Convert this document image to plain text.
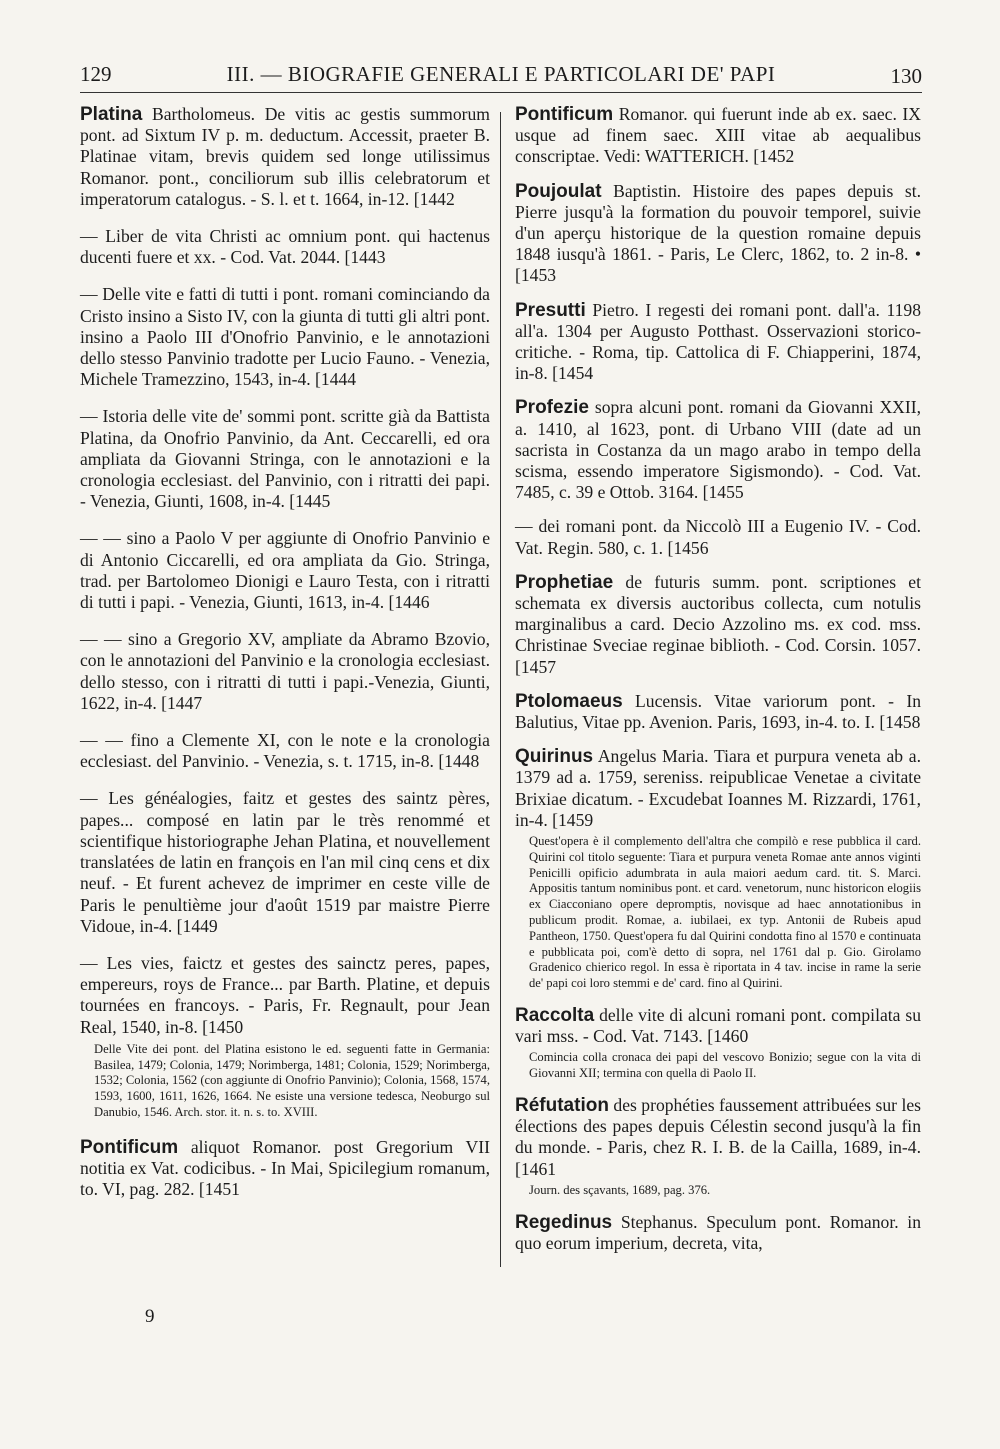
129	III. — BIOGRAFIE GENERALI E PARTICOLARI DE' PAPI	130

Platina Bartholomeus. De vitis ac gestis summorum pont. ad Sixtum IV p. m. deductum. Accessit, praeter B. Platinae vitam, brevis quidem sed longe utilissimus Romanor. pont., conciliorum sub illis celebratorum et imperatorum catalogus. - S. l. et t. 1664, in-12. [1442

— Liber de vita Christi ac omnium pont. qui hactenus ducenti fuere et xx. - Cod. Vat. 2044. [1443

— Delle vite e fatti di tutti i pont. romani cominciando da Cristo insino a Sisto IV, con la giunta di tutti gli altri pont. insino a Paolo III d'Onofrio Panvinio, e le annotazioni dello stesso Panvinio tradotte per Lucio Fauno. - Venezia, Michele Tramezzino, 1543, in-4. [1444

— Istoria delle vite de' sommi pont. scritte già da Battista Platina, da Onofrio Panvinio, da Ant. Ceccarelli, ed ora ampliata da Giovanni Stringa, con le annotazioni e la cronologia ecclesiast. del Panvinio, con i ritratti dei papi. - Venezia, Giunti, 1608, in-4. [1445

— — sino a Paolo V per aggiunte di Onofrio Panvinio e di Antonio Ciccarelli, ed ora ampliata da Gio. Stringa, trad. per Bartolomeo Dionigi e Lauro Testa, con i ritratti di tutti i papi. - Venezia, Giunti, 1613, in-4. [1446

— — sino a Gregorio XV, ampliate da Abramo Bzovio, con le annotazioni del Panvinio e la cronologia ecclesiast. dello stesso, con i ritratti di tutti i papi.-Venezia, Giunti, 1622, in-4. [1447

— — fino a Clemente XI, con le note e la cronologia ecclesiast. del Panvinio. - Venezia, s. t. 1715, in-8. [1448

— Les généalogies, faitz et gestes des saintz pères, papes... composé en latin par le très renommé et scientifique historiographe Jehan Platina, et nouvellement translatées de latin en françois en l'an mil cinq cens et dix neuf. - Et furent achevez de imprimer en ceste ville de Paris le penultième jour d'août 1519 par maistre Pierre Vidoue, in-4. [1449

— Les vies, faictz et gestes des sainctz peres, papes, empereurs, roys de France... par Barth. Platine, et depuis tournées en francoys. - Paris, Fr. Regnault, pour Jean Real, 1540, in-8. [1450

Delle Vite dei pont. del Platina esistono le ed. seguenti fatte in Germania: Basilea, 1479; Colonia, 1479; Norimberga, 1481; Colonia, 1529; Norimberga, 1532; Colonia, 1562 (con aggiunte di Onofrio Panvinio); Colonia, 1568, 1574, 1593, 1600, 1611, 1626, 1664. Ne esiste una versione tedesca, Neoburgo sul Danubio, 1546. Arch. stor. it. n. s. to. XVIII.

Pontificum aliquot Romanor. post Gregorium VII notitia ex Vat. codicibus. - In Mai, Spicilegium romanum, to. VI, pag. 282. [1451

Pontificum Romanor. qui fuerunt inde ab ex. saec. IX usque ad finem saec. XIII vitae ab aequalibus conscriptae. Vedi: WATTERICH. [1452

Poujoulat Baptistin. Histoire des papes depuis st. Pierre jusqu'à la formation du pouvoir temporel, suivie d'un aperçu historique de la question romaine depuis 1848 iusqu'à 1861. - Paris, Le Clerc, 1862, to. 2 in-8. • [1453

Presutti Pietro. I regesti dei romani pont. dall'a. 1198 all'a. 1304 per Augusto Potthast. Osservazioni storico-critiche. - Roma, tip. Cattolica di F. Chiapperini, 1874, in-8. [1454

Profezie sopra alcuni pont. romani da Giovanni XXII, a. 1410, al 1623, pont. di Urbano VIII (date ad un sacrista in Costanza da un mago arabo in tempo della scisma, essendo imperatore Sigismondo). - Cod. Vat. 7485, c. 39 e Ottob. 3164. [1455

— dei romani pont. da Niccolò III a Eugenio IV. - Cod. Vat. Regin. 580, c. 1. [1456

Prophetiae de futuris summ. pont. scriptiones et schemata ex diversis auctoribus collecta, cum notulis marginalibus a card. Decio Azzolino ms. ex cod. mss. Christinae Sveciae reginae biblioth. - Cod. Corsin. 1057. [1457

Ptolomaeus Lucensis. Vitae variorum pont. - In Balutius, Vitae pp. Avenion. Paris, 1693, in-4. to. I. [1458

Quirinus Angelus Maria. Tiara et purpura veneta ab a. 1379 ad a. 1759, sereniss. reipublicae Venetae a civitate Brixiae dicatum. - Excudebat Ioannes M. Rizzardi, 1761, in-4. [1459

Quest'opera è il complemento dell'altra che compilò e rese pubblica il card. Quirini col titolo seguente: Tiara et purpura veneta Romae ante annos viginti Penicilli opificio adumbrata in aula maiori aedum card. tit. S. Marci. Appositis tantum nominibus pont. et card. venetorum, nunc historicon elogiis ex Ciacconiano opere depromptis, novisque ad haec annotationibus in publicum prodit. Romae, a. iubilaei, ex typ. Antonii de Rubeis apud Pantheon, 1750. Quest'opera fu dal Quirini condotta fino al 1570 e continuata e pubblicata poi, com'è detto di sopra, nel 1761 dal p. Gio. Girolamo Gradenico chierico regol. In essa è riportata in 4 tav. incise in rame la serie de' papi coi loro stemmi e de' card. fino al Quirini.

Raccolta delle vite di alcuni romani pont. compilata su vari mss. - Cod. Vat. 7143. [1460

Comincia colla cronaca dei papi del vescovo Bonizio; segue con la vita di Giovanni XII; termina con quella di Paolo II.

Réfutation des prophéties faussement attribuées sur les élections des papes depuis Célestin second jusqu'à la fin du monde. - Paris, chez R. I. B. de la Cailla, 1689, in-4. [1461

Journ. des sçavants, 1689, pag. 376.

Regedinus Stephanus. Speculum pont. Romanor. in quo eorum imperium, decreta, vita,

9
